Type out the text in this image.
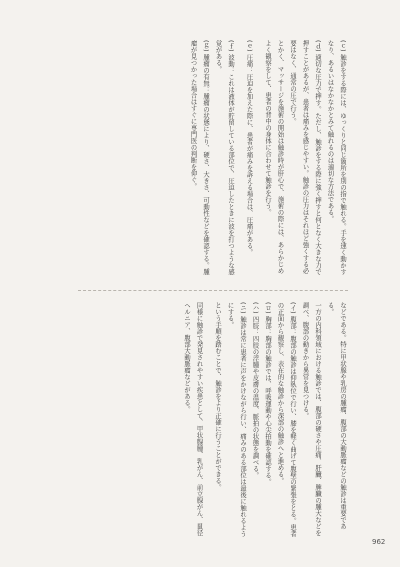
(ｃ) 触診をする際には、ゆっくりと同じ箇所を別の指で触れる。手を速く動かすなり、あるいはなかなかとみて触れるのは適切な方法である。

(ｄ) 適切な圧力で押す。ただし、触診をする際に強く押すと何となく大きな力で押すことがあるが、患者は痛みを感じやすい。触診の圧力はそれほど強くする必要はなく、通常の圧で行う。

とかく、マッサージを施術の開始は触診時が肝心で、施術の際には、あらかじめよく観察をして、患者の背中の身体に合わせて触診を行う。

(ｅ) 圧痛：圧迫を加えた際に、患者が痛みを訴える場合は、圧痛がある。

(ｆ) 波動：これは液体が貯留している部位で、圧迫したときに波を打つような感覚がある。

(ｇ) 腫瘤の有無：腫瘤の状態により、硬さ、大きさ、可動性などを確認する。腫瘤が見つかった場合はすぐに専門医の判断を仰ぐ。

などである。特に甲状腺や乳房の腫瘤、腹部の大動脈瘤などの触診は重要である。

一方の内科領域における触診では、腹部の硬さや圧痛、肝臓、脾臓の腫大などを調べ、腹部の動きから異常を見つける。

(イ) 腹部：腹部の触診は仰臥位で行い、膝を軽く曲げて腹壁の緊張をとる。患者の正面から観察し、表在的な触診から深部の触診へと進める。

(ロ) 胸部：胸部の触診では、呼吸運動や心尖拍動を確認する。

(ハ) 四肢：四肢の浮腫や皮膚の温度、脈拍の状態を調べる。

(ニ) 触診は常に患者に声をかけながら行い、痛みのある部位は最後に触れるようにする。

という手順を踏むことで、触診をより正確に行うことができる。

同様に触診で発見されやすい疾患として、甲状腺腫、乳がん、前立腺がん、鼠径ヘルニア、腹部大動脈瘤などがある。

962
